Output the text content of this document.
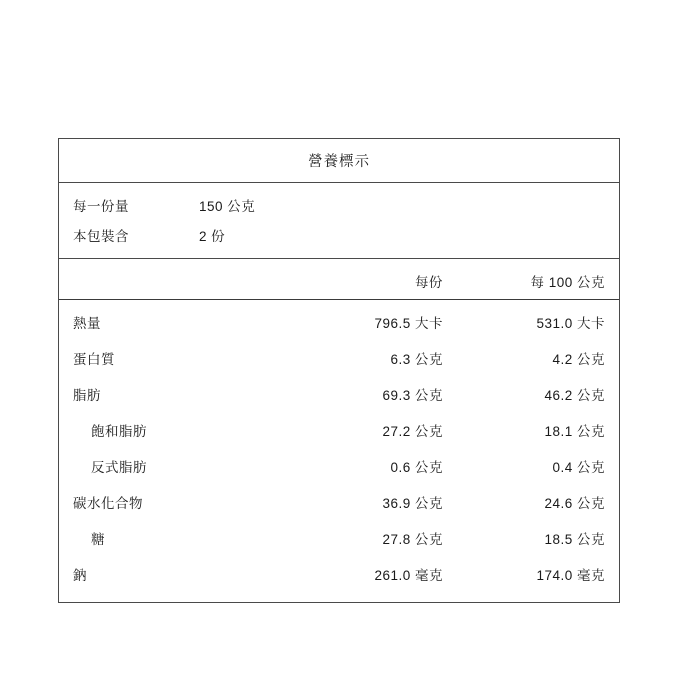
營養標示
每一份量	150 公克
本包裝含	2 份
每份	每 100 公克
熱量	796.5 大卡	531.0 大卡
蛋白質	6.3 公克	4.2 公克
脂肪	69.3 公克	46.2 公克
飽和脂肪	27.2 公克	18.1 公克
反式脂肪	0.6 公克	0.4 公克
碳水化合物	36.9 公克	24.6 公克
糖	27.8 公克	18.5 公克
鈉	261.0 毫克	174.0 毫克
